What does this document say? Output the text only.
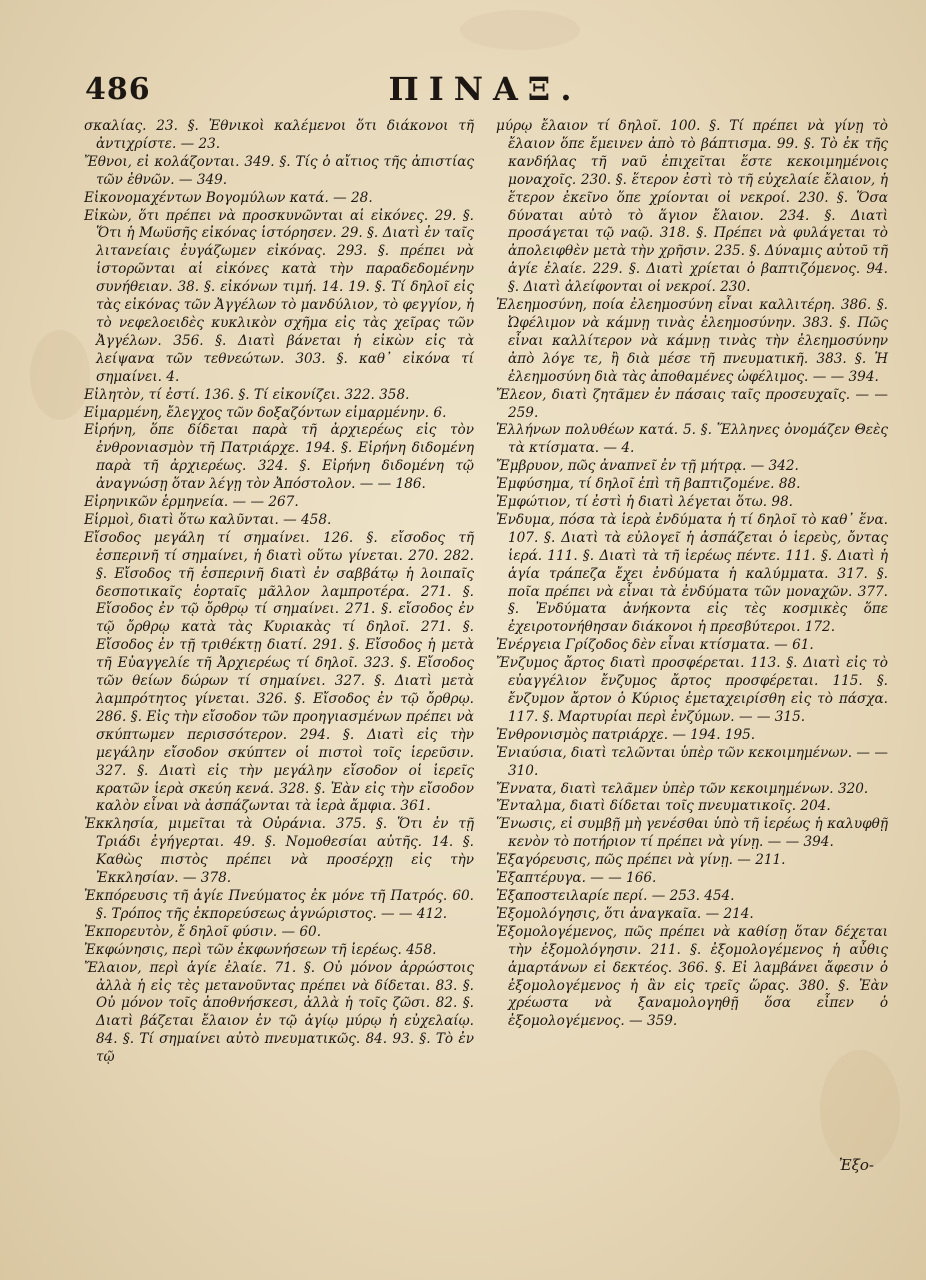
486	ΠΙΝΑΞ.

σκαλίας. 23. §. Ἐθνικοὶ καλέμενοι ὅτι διάκονοι τῆ ἀντιχρίστε. — 23.

Ἔθνοι, εἰ κολάζονται. 349. §. Τίς ὁ αἴτιος τῆς ἀπιστίας τῶν ἐθνῶν. — 349.

Εἰκονομαχέντων Βογομύλων κατά. — 28.

Εἰκὼν, ὅτι πρέπει νὰ προσκυνῶνται αἱ εἰκόνες. 29. §. Ὅτι ἡ Μωϋσῆς εἰκόνας ἱστόρησεν. 29. §. Διατὶ ἐν ταῖς λιτανείαις ἐυγάζωμεν εἰκόνας. 293. §. πρέπει νὰ ἱστορῶνται αἱ εἰκόνες κατὰ τὴν παραδεδομένην συνήθειαν. 38. §. εἰκόνων τιμή. 14. 19. §. Τί δηλοῖ εἰς τὰς εἰκόνας τῶν Ἀγγέλων τὸ μανδύλιον, τὸ φεγγίον, ἡ τὸ νεφελοειδὲς κυκλικὸν σχῆμα εἰς τὰς χεῖρας τῶν Ἀγγέλων. 356. §. Διατὶ βάνεται ἡ εἰκὼν εἰς τὰ λείψανα τῶν τεθνεώτων. 303. §. καθ᾽ εἰκόνα τί σημαίνει. 4.

Εἰλητὸν, τί ἐστί. 136. §. Τί εἰκονίζει. 322. 358.

Εἱμαρμένη, ἔλεγχος τῶν δοξαζόντων εἱμαρμένην. 6.

Εἰρήνη, ὅπε δίδεται παρὰ τῆ ἀρχιερέως εἰς τὸν ἐνθρονιασμὸν τῆ Πατριάρχε. 194. §. Εἰρήνη διδομένη παρὰ τῆ ἀρχιερέως. 324. §. Εἰρήνη διδομένη τῷ ἀναγνώσῃ ὅταν λέγῃ τὸν Ἀπόστολον. — — 186.

Εἰρηνικῶν ἑρμηνεία. — — 267.

Εἱρμοὶ, διατὶ ὅτω καλῦνται. — 458.

Εἴσοδος μεγάλη τί σημαίνει. 126. §. εἴσοδος τῆ ἑσπερινῆ τί σημαίνει, ἡ διατὶ οὕτω γίνεται. 270. 282. §. Εἴσοδος τῆ ἑσπερινῆ διατὶ ἐν σαββάτῳ ἡ λοιπαῖς δεσποτικαῖς ἑορταῖς μᾶλλον λαμπροτέρα. 271. §. Εἴσοδος ἐν τῷ ὄρθρῳ τί σημαίνει. 271. §. εἴσοδος ἐν τῷ ὄρθρῳ κατὰ τὰς Κυριακὰς τί δηλοῖ. 271. §. Εἴσοδος ἐν τῇ τριθέκτῃ διατί. 291. §. Εἴσοδος ἡ μετὰ τῆ Εὐαγγελίε τῆ Ἀρχιερέως τί δηλοῖ. 323. §. Εἴσοδος τῶν θείων δώρων τί σημαίνει. 327. §. Διατὶ μετὰ λαμπρότητος γίνεται. 326. §. Εἴσοδος ἐν τῷ ὄρθρῳ. 286. §. Εἰς τὴν εἴσοδον τῶν προηγιασμένων πρέπει νὰ σκύπτωμεν περισσότερον. 294. §. Διατὶ εἰς τὴν μεγάλην εἴσοδον σκύπτεν οἱ πιστοὶ τοῖς ἱερεῦσιν. 327. §. Διατὶ εἰς τὴν μεγάλην εἴσοδον οἱ ἱερεῖς κρατῶν ἱερὰ σκεύη κενά. 328. §. Ἐὰν εἰς τὴν εἴσοδον καλὸν εἶναι νὰ ἀσπάζωνται τὰ ἱερὰ ἄμφια. 361.

Ἐκκλησία, μιμεῖται τὰ Οὐράνια. 375. §. Ὅτι ἐν τῇ Τριάδι ἐγήγερται. 49. §. Νομοθεσίαι αὐτῆς. 14. §. Καθὼς πιστὸς πρέπει νὰ προσέρχῃ εἰς τὴν Ἐκκλησίαν. — 378.

Ἐκπόρευσις τῆ ἁγίε Πνεύματος ἐκ μόνε τῆ Πατρός. 60. §. Τρόπος τῆς ἐκπορεύσεως ἀγνώριστος. — — 412.

Ἐκπορευτὸν, ἔ δηλοῖ φύσιν. — 60.

Ἐκφώνησις, περὶ τῶν ἐκφωνήσεων τῆ ἱερέως. 458.

Ἔλαιον, περὶ ἁγίε ἐλαίε. 71. §. Οὐ μόνον ἀρρώστοις ἀλλὰ ἡ εἰς τὲς μετανοῦντας πρέπει νὰ δίδεται. 83. §. Οὐ μόνον τοῖς ἀποθνήσκεσι, ἀλλὰ ἡ τοῖς ζῶσι. 82. §. Διατὶ βάζεται ἔλαιον ἐν τῷ ἁγίῳ μύρῳ ἡ εὐχελαίῳ. 84. §. Τί σημαίνει αὐτὸ πνευματικῶς. 84. 93. §. Τὸ ἐν τῷ

μύρῳ ἔλαιον τί δηλοῖ. 100. §. Τί πρέπει νὰ γίνῃ τὸ ἔλαιον ὅπε ἔμεινεν ἀπὸ τὸ βάπτισμα. 99. §. Τὸ ἐκ τῆς κανδήλας τῆ ναῦ ἐπιχεῖται ἕστε κεκοιμημένοις μοναχοῖς. 230. §. ἕτερον ἐστὶ τὸ τῆ εὐχελαίε ἔλαιον, ἡ ἕτερον ἐκεῖνο ὅπε χρίονται οἱ νεκροί. 230. §. Ὅσα δύναται αὐτὸ τὸ ἅγιον ἔλαιον. 234. §. Διατὶ προσάγεται τῷ ναῷ. 318. §. Πρέπει νὰ φυλάγεται τὸ ἀπολειφθὲν μετὰ τὴν χρῆσιν. 235. §. Δύναμις αὐτοῦ τῆ ἁγίε ἐλαίε. 229. §. Διατὶ χρίεται ὁ βαπτιζόμενος. 94. §. Διατὶ ἀλείφονται οἱ νεκροί. 230.

Ἐλεημοσύνη, ποία ἐλεημοσύνη εἶναι καλλιτέρη. 386. §. Ὠφέλιμον νὰ κάμνῃ τινὰς ἐλεημοσύνην. 383. §. Πῶς εἶναι καλλίτερον νὰ κάμνῃ τινὰς τὴν ἐλεημοσύνην ἀπὸ λόγε τε, ἢ διὰ μέσε τῆ πνευματικῆ. 383. §. Ἡ ἐλεημοσύνη διὰ τὰς ἀποθαμένες ὠφέλιμος. — — 394.

Ἔλεον, διατὶ ζητᾶμεν ἐν πάσαις ταῖς προσευχαῖς. — — 259.

Ἑλλήνων πολυθέων κατά. 5. §. Ἕλληνες ὀνομάζεν Θεὲς τὰ κτίσματα. — 4.

Ἔμβρυον, πῶς ἀναπνεῖ ἐν τῇ μήτρᾳ. — 342.

Ἐμφύσημα, τί δηλοῖ ἐπὶ τῆ βαπτιζομένε. 88.

Ἐμφώτιον, τί ἐστὶ ἡ διατὶ λέγεται ὅτω. 98.

Ἐνδυμα, πόσα τὰ ἱερὰ ἐνδύματα ἡ τί δηλοῖ τὸ καθ᾽ ἕνα. 107. §. Διατὶ τὰ εὐλογεῖ ἡ ἀσπάζεται ὁ ἱερεὺς, ὄντας ἱερά. 111. §. Διατὶ τὰ τῆ ἱερέως πέντε. 111. §. Διατὶ ἡ ἁγία τράπεζα ἔχει ἐνδύματα ἡ καλύμματα. 317. §. ποῖα πρέπει νὰ εἶναι τὰ ἐνδύματα τῶν μοναχῶν. 377. §. Ἐνδύματα ἀνήκοντα εἰς τὲς κοσμικὲς ὅπε ἐχειροτονήθησαν διάκονοι ἡ πρεσβύτεροι. 172.

Ἐνέργεια Γρίζοδος δὲν εἶναι κτίσματα. — 61.

Ἔνζυμος ἄρτος διατὶ προσφέρεται. 113. §. Διατὶ εἰς τὸ εὐαγγέλιον ἔνζυμος ἄρτος προσφέρεται. 115. §. ἔνζυμον ἄρτον ὁ Κύριος ἐμεταχειρίσθη εἰς τὸ πάσχα. 117. §. Μαρτυρίαι περὶ ἐνζύμων. — — 315.

Ἐνθρονισμὸς πατριάρχε. — 194. 195.

Ἐνιαύσια, διατὶ τελῶνται ὑπὲρ τῶν κεκοιμημένων. — — 310.

Ἔννατα, διατὶ τελᾶμεν ὑπὲρ τῶν κεκοιμημένων. 320.

Ἔνταλμα, διατὶ δίδεται τοῖς πνευματικοῖς. 204.

Ἕνωσις, εἰ συμβῇ μὴ γενέσθαι ὑπὸ τῆ ἱερέως ἡ καλυφθῇ κενὸν τὸ ποτήριον τί πρέπει νὰ γίνῃ. — — 394.

Ἐξαγόρευσις, πῶς πρέπει νὰ γίνῃ. — 211.

Ἐξαπτέρυγα. — — 166.

Ἐξαποστειλαρίε περί. — 253. 454.

Ἐξομολόγησις, ὅτι ἀναγκαῖα. — 214.

Ἐξομολογέμενος, πῶς πρέπει νὰ καθίσῃ ὅταν δέχεται τὴν ἐξομολόγησιν. 211. §. ἐξομολογέμενος ἡ αὖθις ἁμαρτάνων εἰ δεκτέος. 366. §. Εἰ λαμβάνει ἄφεσιν ὁ ἐξομολογέμενος ἡ ἂν εἰς τρεῖς ὥρας. 380. §. Ἐὰν χρέωστα νὰ ξαναμολογηθῇ ὅσα εἶπεν ὁ ἐξομολογέμενος. — 359.

Ἐξο-
